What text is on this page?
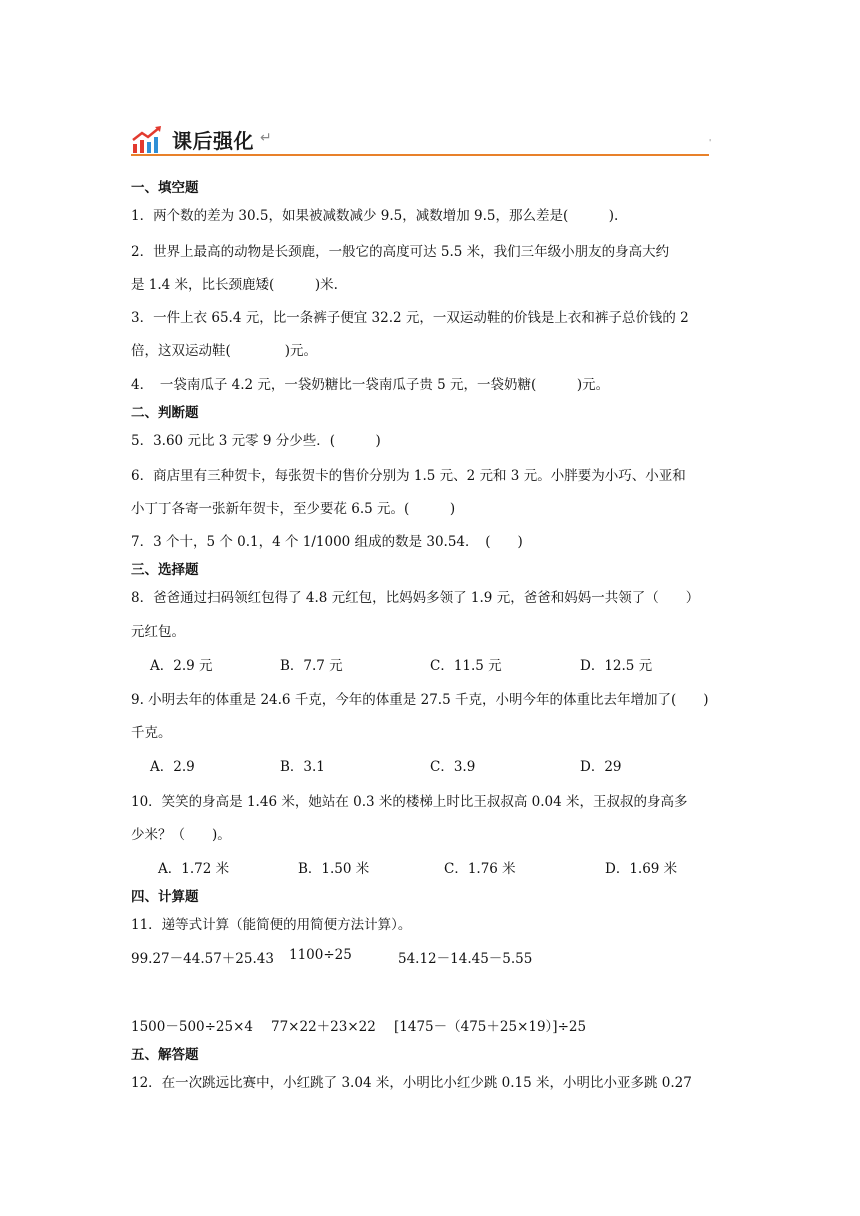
课后强化 ↵	'
一、填空题
1．两个数的差为 30.5，如果被减数减少 9.5，减数增加 9.5，那么差是(　　　).
2．世界上最高的动物是长颈鹿，一般它的高度可达 5.5 米，我们三年级小朋友的身高大约
是 1.4 米，比长颈鹿矮(　　　)米.
3．一件上衣 65.4 元，比一条裤子便宜 32.2 元，一双运动鞋的价钱是上衣和裤子总价钱的 2
倍，这双运动鞋(　　　　)元。
4．　一袋南瓜子 4.2 元，一袋奶糖比一袋南瓜子贵 5 元，一袋奶糖(　　　)元。
二、判断题
5．3.60 元比 3 元零 9 分少些．(　　　)
6．商店里有三种贺卡，每张贺卡的售价分别为 1.5 元、2 元和 3 元。小胖要为小巧、小亚和
小丁丁各寄一张新年贺卡，至少要花 6.5 元。(　　　)
7．3 个十，5 个 0.1，4 个 1/1000 组成的数是 30.54．　(　　)
三、选择题
8．爸爸通过扫码领红包得了 4.8 元红包，比妈妈多领了 1.9 元，爸爸和妈妈一共领了（　　）
元红包。
A．2.9 元	B．7.7 元	C．11.5 元	D．12.5 元
9. 小明去年的体重是 24.6 千克，今年的体重是 27.5 千克，小明今年的体重比去年增加了(　　)
千克。
A．2.9	B．3.1	C．3.9	D．29
10．笑笑的身高是 1.46 米，她站在 0.3 米的楼梯上时比王叔叔高 0.04 米，王叔叔的身高多
少米？（　　)。
A．1.72 米	B．1.50 米	C．1.76 米	D．1.69 米
四、计算题
11．递等式计算（能简便的用简便方法计算）。
99.27－44.57＋25.43 1100÷25	54.12－14.45－5.55
1500－500÷25×4 77×22＋23×22 [1475－（475＋25×19）]÷25
五、解答题
12．在一次跳远比赛中，小红跳了 3.04 米，小明比小红少跳 0.15 米，小明比小亚多跳 0.27
